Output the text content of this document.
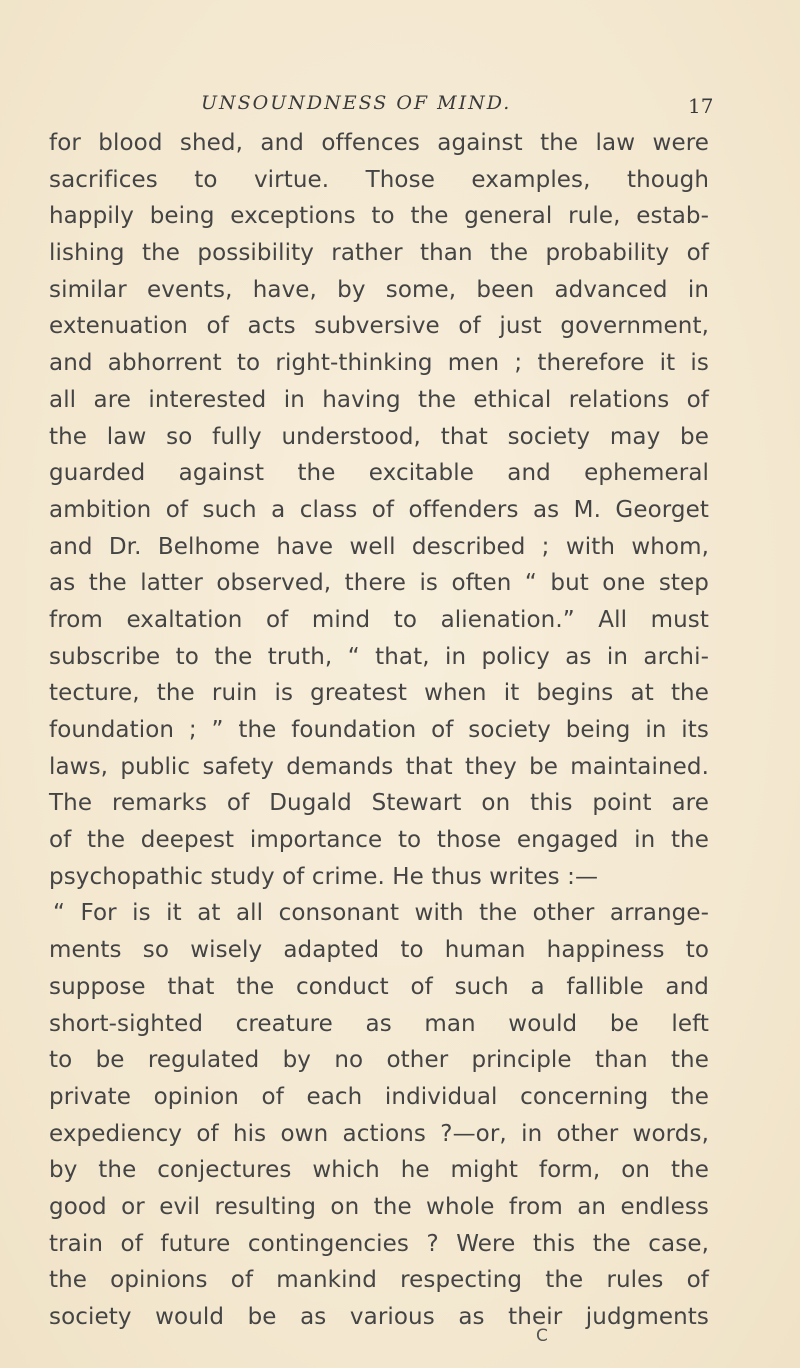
UNSOUNDNESS OF MIND.	17
for blood shed, and offences against the law were
sacrifices to virtue. Those examples, though
happily being exceptions to the general rule, estab-
lishing the possibility rather than the probability of
similar events, have, by some, been advanced in
extenuation of acts subversive of just government,
and abhorrent to right-thinking men ; therefore it is
all are interested in having the ethical relations of
the law so fully understood, that society may be
guarded against the excitable and ephemeral
ambition of such a class of offenders as M. Georget
and Dr. Belhome have well described ; with whom,
as the latter observed, there is often “ but one step
from exaltation of mind to alienation.” All must
subscribe to the truth, “ that, in policy as in archi-
tecture, the ruin is greatest when it begins at the
foundation ; ” the foundation of society being in its
laws, public safety demands that they be maintained.
The remarks of Dugald Stewart on this point are
of the deepest importance to those engaged in the
psychopathic study of crime. He thus writes :—
“ For is it at all consonant with the other arrange-
ments so wisely adapted to human happiness to
suppose that the conduct of such a fallible and
short-sighted creature as man would be left
to be regulated by no other principle than the
private opinion of each individual concerning the
expediency of his own actions ?—or, in other words,
by the conjectures which he might form, on the
good or evil resulting on the whole from an endless
train of future contingencies ? Were this the case,
the opinions of mankind respecting the rules of
society would be as various as their judgments
C
